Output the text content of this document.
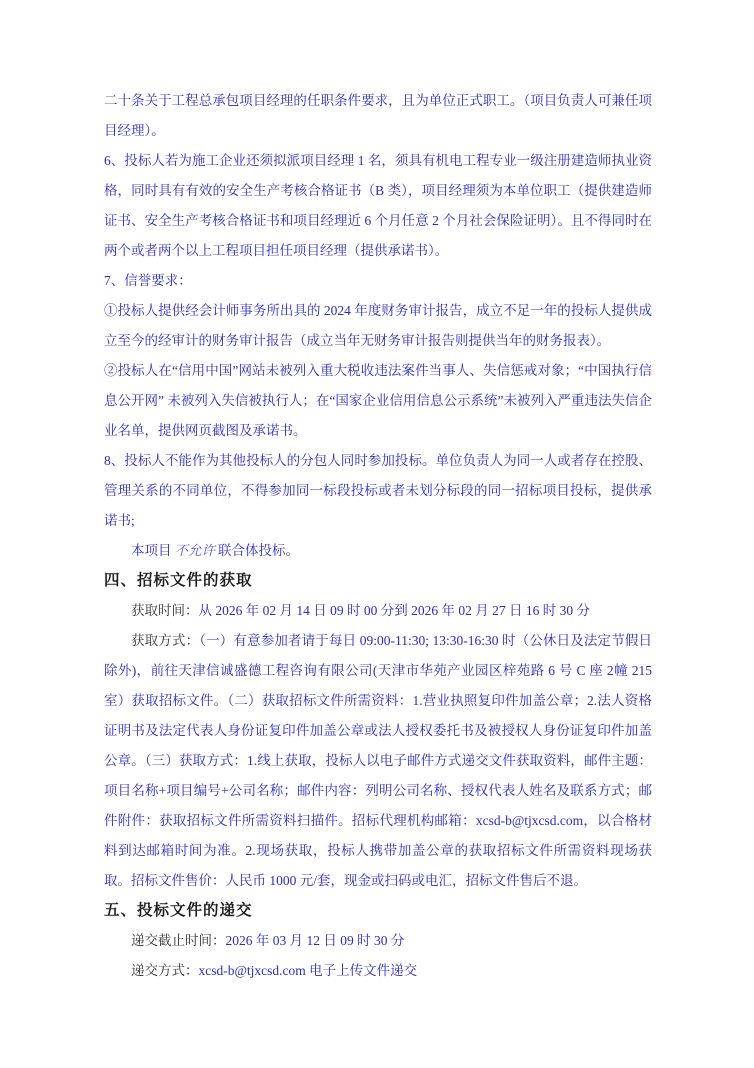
二十条关于工程总承包项目经理的任职条件要求，且为单位正式职工。（项目负责人可兼任项目经理）。

6、投标人若为施工企业还须拟派项目经理 1 名，须具有机电工程专业一级注册建造师执业资格，同时具有有效的安全生产考核合格证书（B 类），项目经理须为本单位职工（提供建造师证书、安全生产考核合格证书和项目经理近 6 个月任意 2 个月社会保险证明）。且不得同时在两个或者两个以上工程项目担任项目经理（提供承诺书）。

7、信誉要求：

①投标人提供经会计师事务所出具的 2024 年度财务审计报告，成立不足一年的投标人提供成立至今的经审计的财务审计报告（成立当年无财务审计报告则提供当年的财务报表）。

②投标人在“信用中国”网站未被列入重大税收违法案件当事人、失信惩戒对象；“中国执行信息公开网” 未被列入失信被执行人；在“国家企业信用信息公示系统”未被列入严重违法失信企业名单，提供网页截图及承诺书。

8、投标人不能作为其他投标人的分包人同时参加投标。单位负责人为同一人或者存在控股、管理关系的不同单位，不得参加同一标段投标或者未划分标段的同一招标项目投标，提供承诺书;

本项目 不允许 联合体投标。

四、招标文件的获取

获取时间：从 2026 年 02 月 14 日 09 时 00 分到 2026 年 02 月 27 日 16 时 30 分

获取方式：（一）有意参加者请于每日 09:00-11:30; 13:30-16:30 时（公休日及法定节假日除外)，前往天津信诚盛德工程咨询有限公司(天津市华苑产业园区梓苑路 6 号 C 座 2幢 215 室）获取招标文件。（二）获取招标文件所需资料：1.营业执照复印件加盖公章；2.法人资格证明书及法定代表人身份证复印件加盖公章或法人授权委托书及被授权人身份证复印件加盖公章。（三）获取方式：1.线上获取，投标人以电子邮件方式递交文件获取资料，邮件主题：项目名称+项目编号+公司名称；邮件内容：列明公司名称、授权代表人姓名及联系方式；邮件附件：获取招标文件所需资料扫描件。招标代理机构邮箱：xcsd-b@tjxcsd.com，以合格材料到达邮箱时间为准。2.现场获取，投标人携带加盖公章的获取招标文件所需资料现场获取。招标文件售价：人民币 1000 元/套，现金或扫码或电汇，招标文件售后不退。

五、投标文件的递交

递交截止时间：2026 年 03 月 12 日 09 时 30 分

递交方式：xcsd-b@tjxcsd.com 电子上传文件递交
